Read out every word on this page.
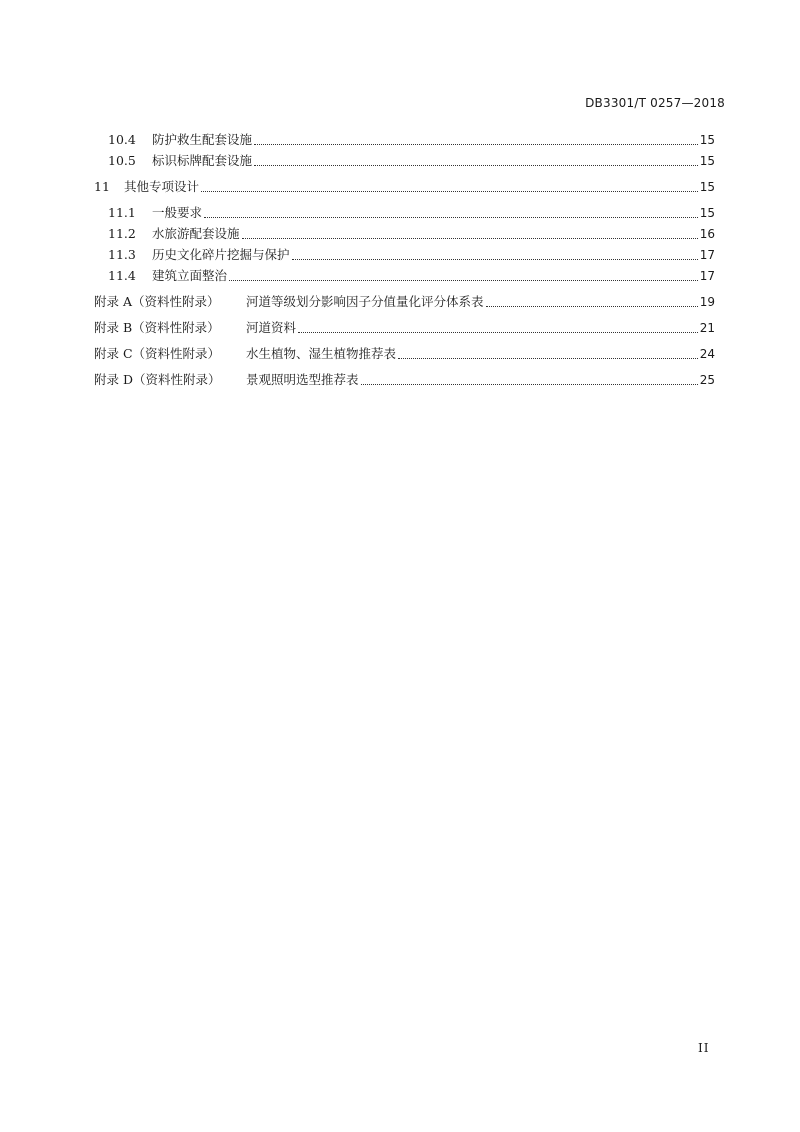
DB3301/T 0257—2018
10.4	防护救生配套设施	15
10.5	标识标牌配套设施	15
11	其他专项设计	15
11.1	一般要求	15
11.2	水旅游配套设施	16
11.3	历史文化碎片挖掘与保护	17
11.4	建筑立面整治	17
附录 A（资料性附录）	河道等级划分影响因子分值量化评分体系表	19
附录 B（资料性附录）	河道资料	21
附录 C（资料性附录）	水生植物、湿生植物推荐表	24
附录 D（资料性附录）	景观照明选型推荐表	25
II
